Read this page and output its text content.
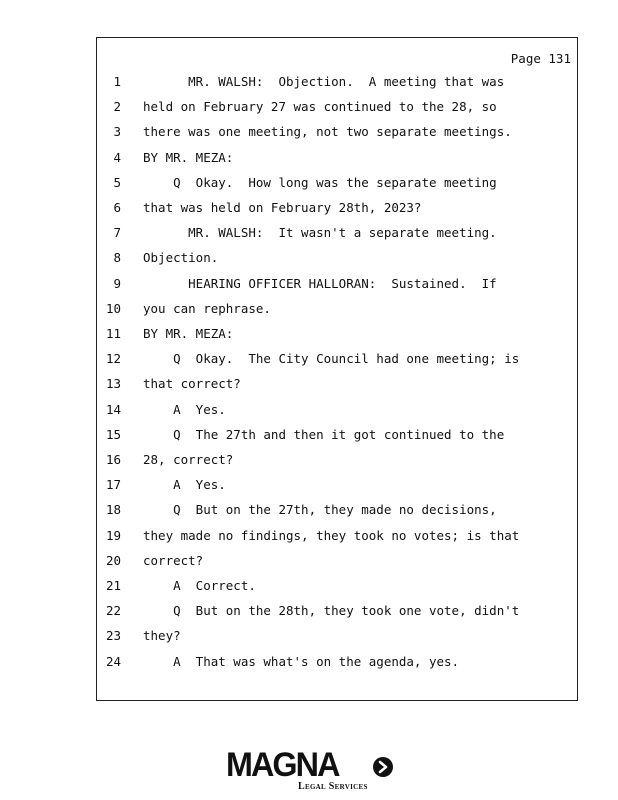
Page 131
1 MR. WALSH:  Objection.  A meeting that was
2 held on February 27 was continued to the 28, so
3 there was one meeting, not two separate meetings.
4 BY MR. MEZA:
5 Q  Okay.  How long was the separate meeting
6 that was held on February 28th, 2023?
7 MR. WALSH:  It wasn't a separate meeting.
8 Objection.
9 HEARING OFFICER HALLORAN:  Sustained.  If
10 you can rephrase.
11 BY MR. MEZA:
12 Q  Okay.  The City Council had one meeting; is
13 that correct?
14 A  Yes.
15 Q  The 27th and then it got continued to the
16 28, correct?
17 A  Yes.
18 Q  But on the 27th, they made no decisions,
19 they made no findings, they took no votes; is that
20 correct?
21 A  Correct.
22 Q  But on the 28th, they took one vote, didn't
23 they?
24 A  That was what's on the agenda, yes.
MAGNA
Legal Services
